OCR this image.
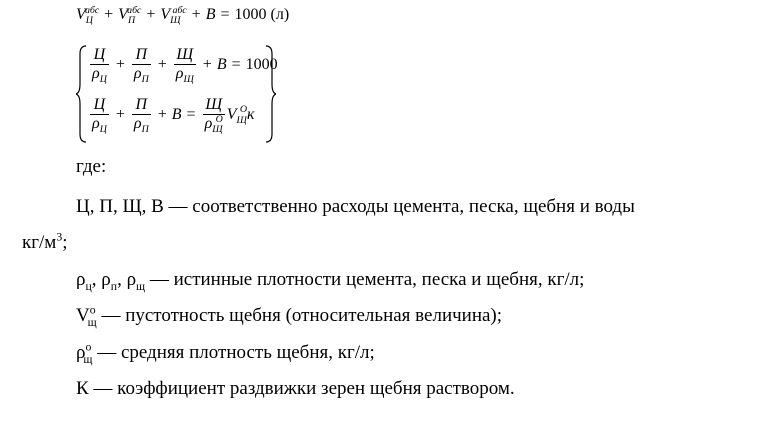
$V_Ц^{абс} + V_П^{абс} + V_Щ^{абс} + B = 1000$ (л)
$\frac{Ц}{\rho_Ц} + \frac{П}{\rho_П} + \frac{Щ}{\rho_Щ} + B = 1000$
$\frac{Ц}{\rho_Ц} + \frac{П}{\rho_П} + B = \frac{Щ}{\rho_Щ^O} V_Щ^O$ к
где:
Ц, П, Щ, В — соответственно расходы цемента, песка, щебня и воды
$кг/м^3$;
$\rho_ц$, $\rho_п$, $\rho_щ$ — истинные плотности цемента, песка и щебня, кг/л;
$V^о_щ$ — пустотность щебня (относительная величина);
$\rho^о_щ$ — средняя плотность щебня, кг/л;
К — коэффициент раздвижки зерен щебня раствором.
